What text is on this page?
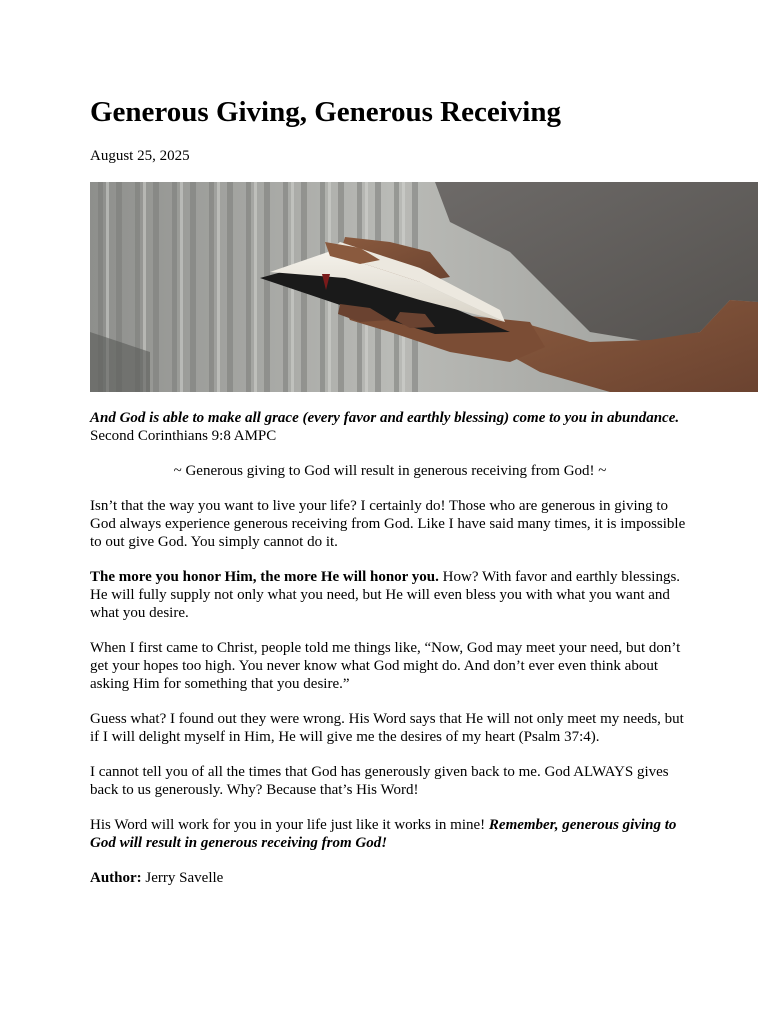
Generous Giving, Generous Receiving
August 25, 2025

And God is able to make all grace (every favor and earthly blessing) come to you in abundance. Second Corinthians 9:8 AMPC

~ Generous giving to God will result in generous receiving from God! ~

Isn’t that the way you want to live your life? I certainly do! Those who are generous in giving to God always experience generous receiving from God. Like I have said many times, it is impossible to out give God. You simply cannot do it.

The more you honor Him, the more He will honor you. How? With favor and earthly blessings. He will fully supply not only what you need, but He will even bless you with what you want and what you desire.

When I first came to Christ, people told me things like, “Now, God may meet your need, but don’t get your hopes too high. You never know what God might do. And don’t ever even think about asking Him for something that you desire.”

Guess what? I found out they were wrong. His Word says that He will not only meet my needs, but if I will delight myself in Him, He will give me the desires of my heart (Psalm 37:4).

I cannot tell you of all the times that God has generously given back to me. God ALWAYS gives back to us generously. Why? Because that’s His Word!

His Word will work for you in your life just like it works in mine! Remember, generous giving to God will result in generous receiving from God!

Author: Jerry Savelle
